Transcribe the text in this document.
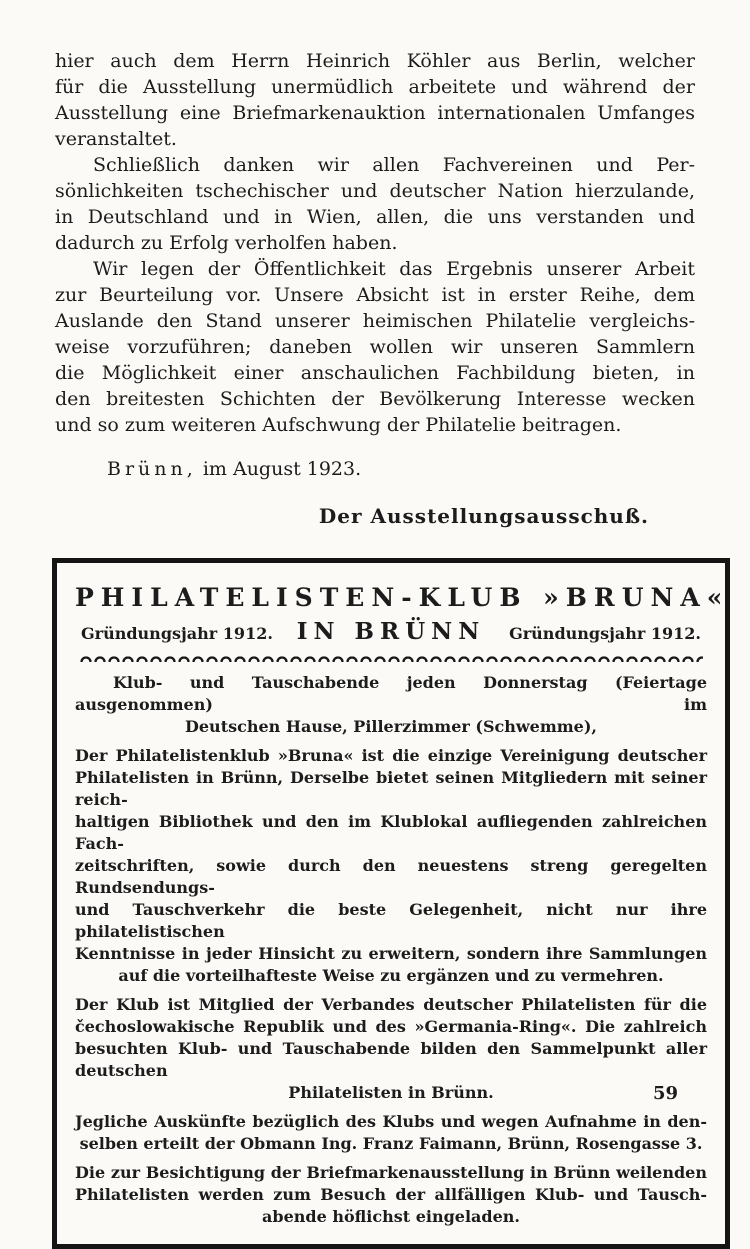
hier auch dem Herrn Heinrich Köhler aus Berlin, welcher
für die Ausstellung unermüdlich arbeitete und während der
Ausstellung eine Briefmarkenauktion internationalen Umfanges
veranstaltet.
Schließlich danken wir allen Fachvereinen und Per-
sönlichkeiten tschechischer und deutscher Nation hierzulande,
in Deutschland und in Wien, allen, die uns verstanden und
dadurch zu Erfolg verholfen haben.
Wir legen der Öffentlichkeit das Ergebnis unserer Arbeit
zur Beurteilung vor. Unsere Absicht ist in erster Reihe, dem
Auslande den Stand unserer heimischen Philatelie vergleichs-
weise vorzuführen; daneben wollen wir unseren Sammlern
die Möglichkeit einer anschaulichen Fachbildung bieten, in
den breitesten Schichten der Bevölkerung Interesse wecken
und so zum weiteren Aufschwung der Philatelie beitragen.
Brünn, im August 1923.
Der Ausstellungsausschuß.
PHILATELISTEN-KLUB »BRUNA«
Gründungsjahr 1912. IN BRÜNN Gründungsjahr 1912.
Klub- und Tauschabende jeden Donnerstag (Feiertage ausgenommen) im
Deutschen Hause, Pillerzimmer (Schwemme),
Der Philatelistenklub »Bruna« ist die einzige Vereinigung deutscher
Philatelisten in Brünn, Derselbe bietet seinen Mitgliedern mit seiner reich-
haltigen Bibliothek und den im Klublokal aufliegenden zahlreichen Fach-
zeitschriften, sowie durch den neuestens streng geregelten Rundsendungs-
und Tauschverkehr die beste Gelegenheit, nicht nur ihre philatelistischen
Kenntnisse in jeder Hinsicht zu erweitern, sondern ihre Sammlungen
auf die vorteilhafteste Weise zu ergänzen und zu vermehren.
Der Klub ist Mitglied der Verbandes deutscher Philatelisten für die
čechoslowakische Republik und des »Germania-Ring«. Die zahlreich
besuchten Klub- und Tauschabende bilden den Sammelpunkt aller deutschen
Philatelisten in Brünn.
Jegliche Auskünfte bezüglich des Klubs und wegen Aufnahme in den-
selben erteilt der Obmann Ing. Franz Faimann, Brünn, Rosengasse 3.
Die zur Besichtigung der Briefmarkenausstellung in Brünn weilenden
Philatelisten werden zum Besuch der allfälligen Klub- und Tausch-
abende höflichst eingeladen.
59
